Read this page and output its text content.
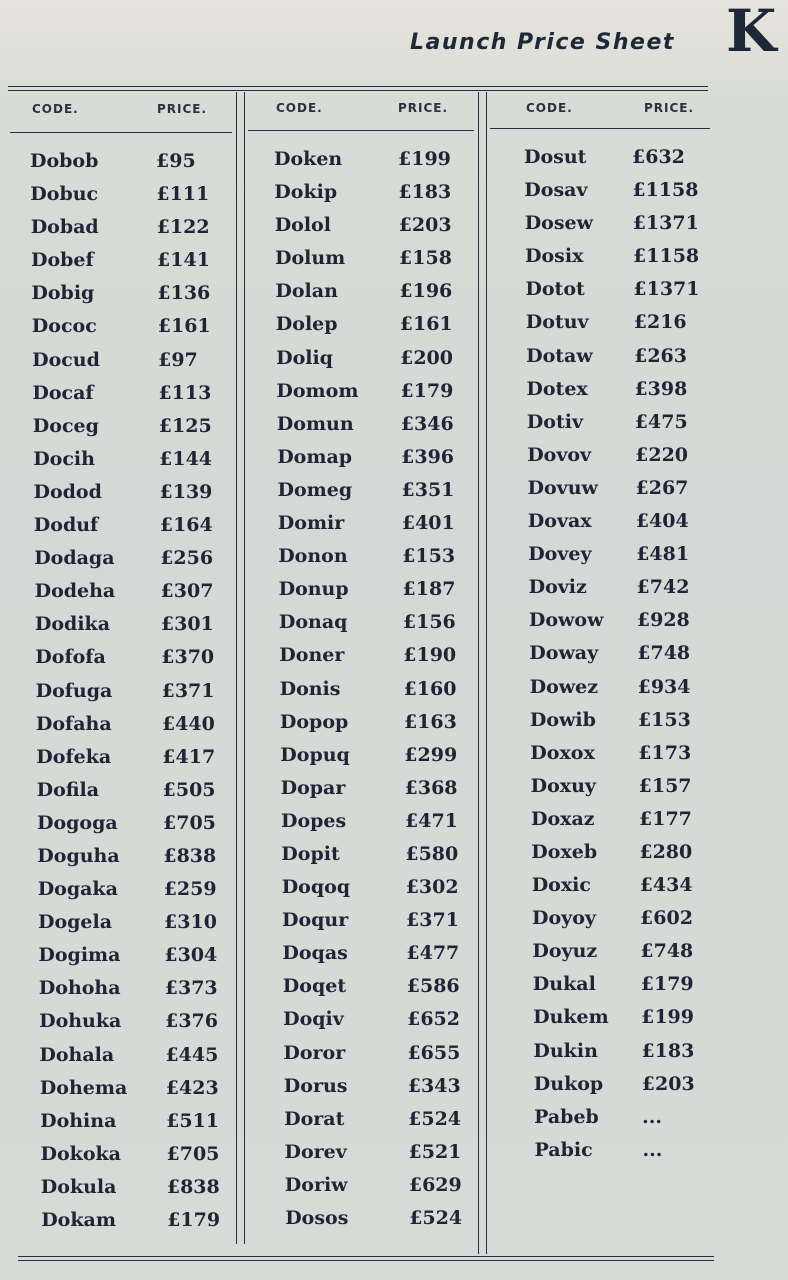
Launch Price Sheet K
CODE.	PRICE.
Dobob	£95
Dobuc	£111
Dobad	£122
Dobef	£141
Dobig	£136
Dococ	£161
Docud	£97
Docaf	£113
Doceg	£125
Docih	£144
Dodod	£139
Doduf	£164
Dodaga £256
Dodeha £307
Dodika	£301
Dofofa	£370
Dofuga	£371
Dofaha	£440
Dofeka	£417
Dofila	£505
Dogoga £705
Doguha £838
Dogaka £259
Dogela	£310
Dogima £304
Dohoha £373
Dohuka £376
Dohala	£445
Dohema £423
Dohina	£511
Dokoka £705
Dokula	£838
Dokam	£179
CODE.	PRICE.
Doken	£199
Dokip	£183
Dolol	£203
Dolum	£158
Dolan	£196
Dolep	£161
Doliq	£200
Domom £179
Domun £346
Domap	£396
Domeg	£351
Domir	£401
Donon	£153
Donup	£187
Donaq	£156
Doner	£190
Donis	£160
Dopop	£163
Dopuq	£299
Dopar	£368
Dopes	£471
Dopit	£580
Doqoq	£302
Doqur	£371
Doqas	£477
Doqet	£586
Doqiv	£652
Doror	£655
Dorus	£343
Dorat	£524
Dorev	£521
Doriw	£629
Dosos	£524
CODE.	PRICE.
Dosut £632
Dosav £1158
Dosew £1371
Dosix	£1158
Dotot	£1371
Dotuv £216
Dotaw £263
Dotex £398
Dotiv	£475
Dovov £220
Dovuw £267
Dovax £404
Dovey £481
Doviz	£742
Dowow £928
Doway £748
Dowez £934
Dowib £153
Doxox £173
Doxuy £157
Doxaz £177
Doxeb £280
Doxic	£434
Doyoy £602
Doyuz £748
Dukal £179
Dukem £199
Dukin £183
Dukop £203
Pabeb ...
Pabic	...
